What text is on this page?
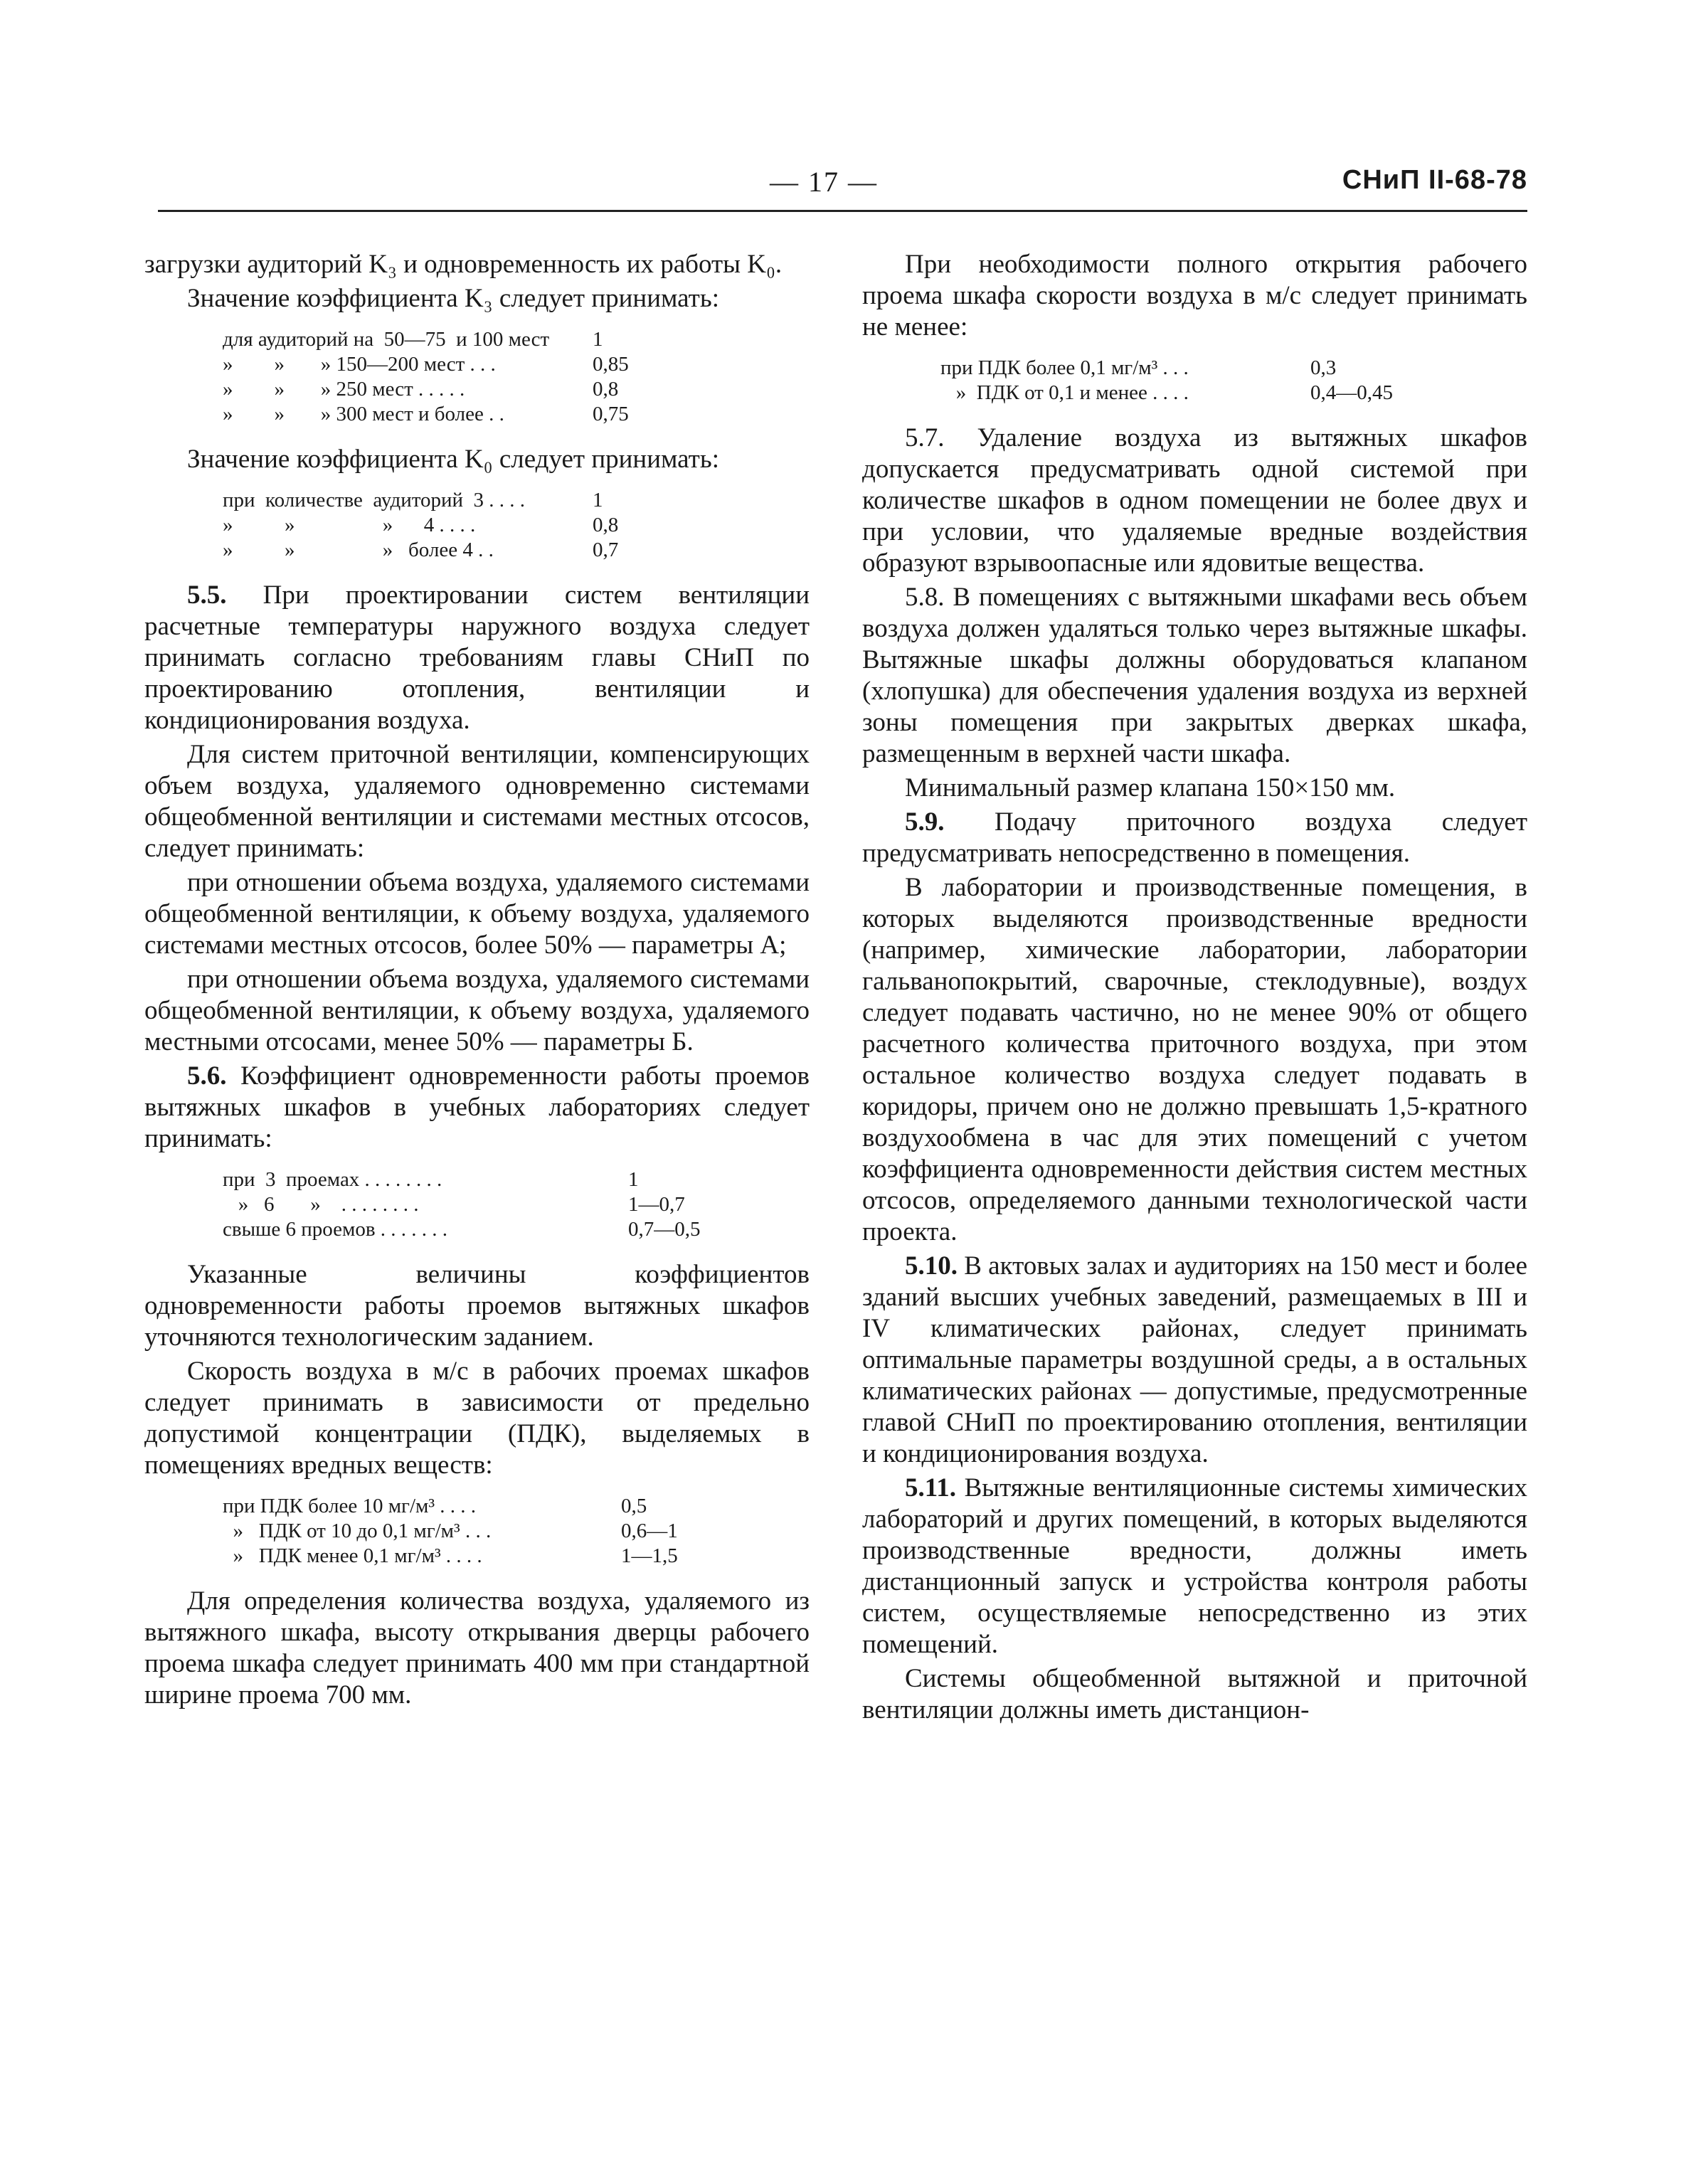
— 17 —	СНиП II-68-78

загрузки аудиторий K₃ и одновременность их работы K₀.

Значение коэффициента K₃ следует принимать:

для аудиторий на  50—75  и 100 мест	1
»        »       » 150—200 мест . . .	0,85
»        »       » 250 мест . . . . .	0,8
»        »       » 300 мест и более . .	0,75

Значение коэффициента K₀ следует принимать:

при  количестве  аудиторий  3 . . . .	1
»          »                 »      4 . . . .	0,8
»          »                 »   более 4 . .	0,7

5.5. При проектировании систем вентиляции расчетные температуры наружного воздуха следует принимать согласно требованиям главы СНиП по проектированию отопления, вентиляции и кондиционирования воздуха.

Для систем приточной вентиляции, компенсирующих объем воздуха, удаляемого одновременно системами общеобменной вентиляции и системами местных отсосов, следует принимать:

при отношении объема воздуха, удаляемого системами общеобменной вентиляции, к объему воздуха, удаляемого системами местных отсосов, более 50% — параметры А;

при отношении объема воздуха, удаляемого системами общеобменной вентиляции, к объему воздуха, удаляемого местными отсосами, менее 50% — параметры Б.

5.6. Коэффициент одновременности работы проемов вытяжных шкафов в учебных лабораториях следует принимать:

при  3  проемах . . . . . . . .	1
»   6       »    . . . . . . . .	1—0,7
свыше 6 проемов . . . . . . .	0,7—0,5

Указанные величины коэффициентов одновременности работы проемов вытяжных шкафов уточняются технологическим заданием.

Скорость воздуха в м/с в рабочих проемах шкафов следует принимать в зависимости от предельно допустимой концентрации (ПДК), выделяемых в помещениях вредных веществ:

при ПДК более 10 мг/м³ . . . .	0,5
»   ПДК от 10 до 0,1 мг/м³ . . .	0,6—1
»   ПДК менее 0,1 мг/м³ . . . .	1—1,5

Для определения количества воздуха, удаляемого из вытяжного шкафа, высоту открывания дверцы рабочего проема шкафа следует принимать 400 мм при стандартной ширине проема 700 мм.

При необходимости полного открытия рабочего проема шкафа скорости воздуха в м/с следует принимать не менее:

при ПДК более 0,1 мг/м³ . . .	0,3
»  ПДК от 0,1 и менее . . . .	0,4—0,45

5.7. Удаление воздуха из вытяжных шкафов допускается предусматривать одной системой при количестве шкафов в одном помещении не более двух и при условии, что удаляемые вредные воздействия образуют взрывоопасные или ядовитые вещества.

5.8. В помещениях с вытяжными шкафами весь объем воздуха должен удаляться только через вытяжные шкафы. Вытяжные шкафы должны оборудоваться клапаном (хлопушка) для обеспечения удаления воздуха из верхней зоны помещения при закрытых дверках шкафа, размещенным в верхней части шкафа.

Минимальный размер клапана 150×150 мм.

5.9. Подачу приточного воздуха следует предусматривать непосредственно в помещения.

В лаборатории и производственные помещения, в которых выделяются производственные вредности (например, химические лаборатории, лаборатории гальванопокрытий, сварочные, стеклодувные), воздух следует подавать частично, но не менее 90% от общего расчетного количества приточного воздуха, при этом остальное количество воздуха следует подавать в коридоры, причем оно не должно превышать 1,5-кратного воздухообмена в час для этих помещений с учетом коэффициента одновременности действия систем местных отсосов, определяемого данными технологической части проекта.

5.10. В актовых залах и аудиториях на 150 мест и более зданий высших учебных заведений, размещаемых в III и IV климатических районах, следует принимать оптимальные параметры воздушной среды, а в остальных климатических районах — допустимые, предусмотренные главой СНиП по проектированию отопления, вентиляции и кондиционирования воздуха.

5.11. Вытяжные вентиляционные системы химических лабораторий и других помещений, в которых выделяются производственные вредности, должны иметь дистанционный запуск и устройства контроля работы систем, осуществляемые непосредственно из этих помещений.

Системы общеобменной вытяжной и приточной вентиляции должны иметь дистанцион-
